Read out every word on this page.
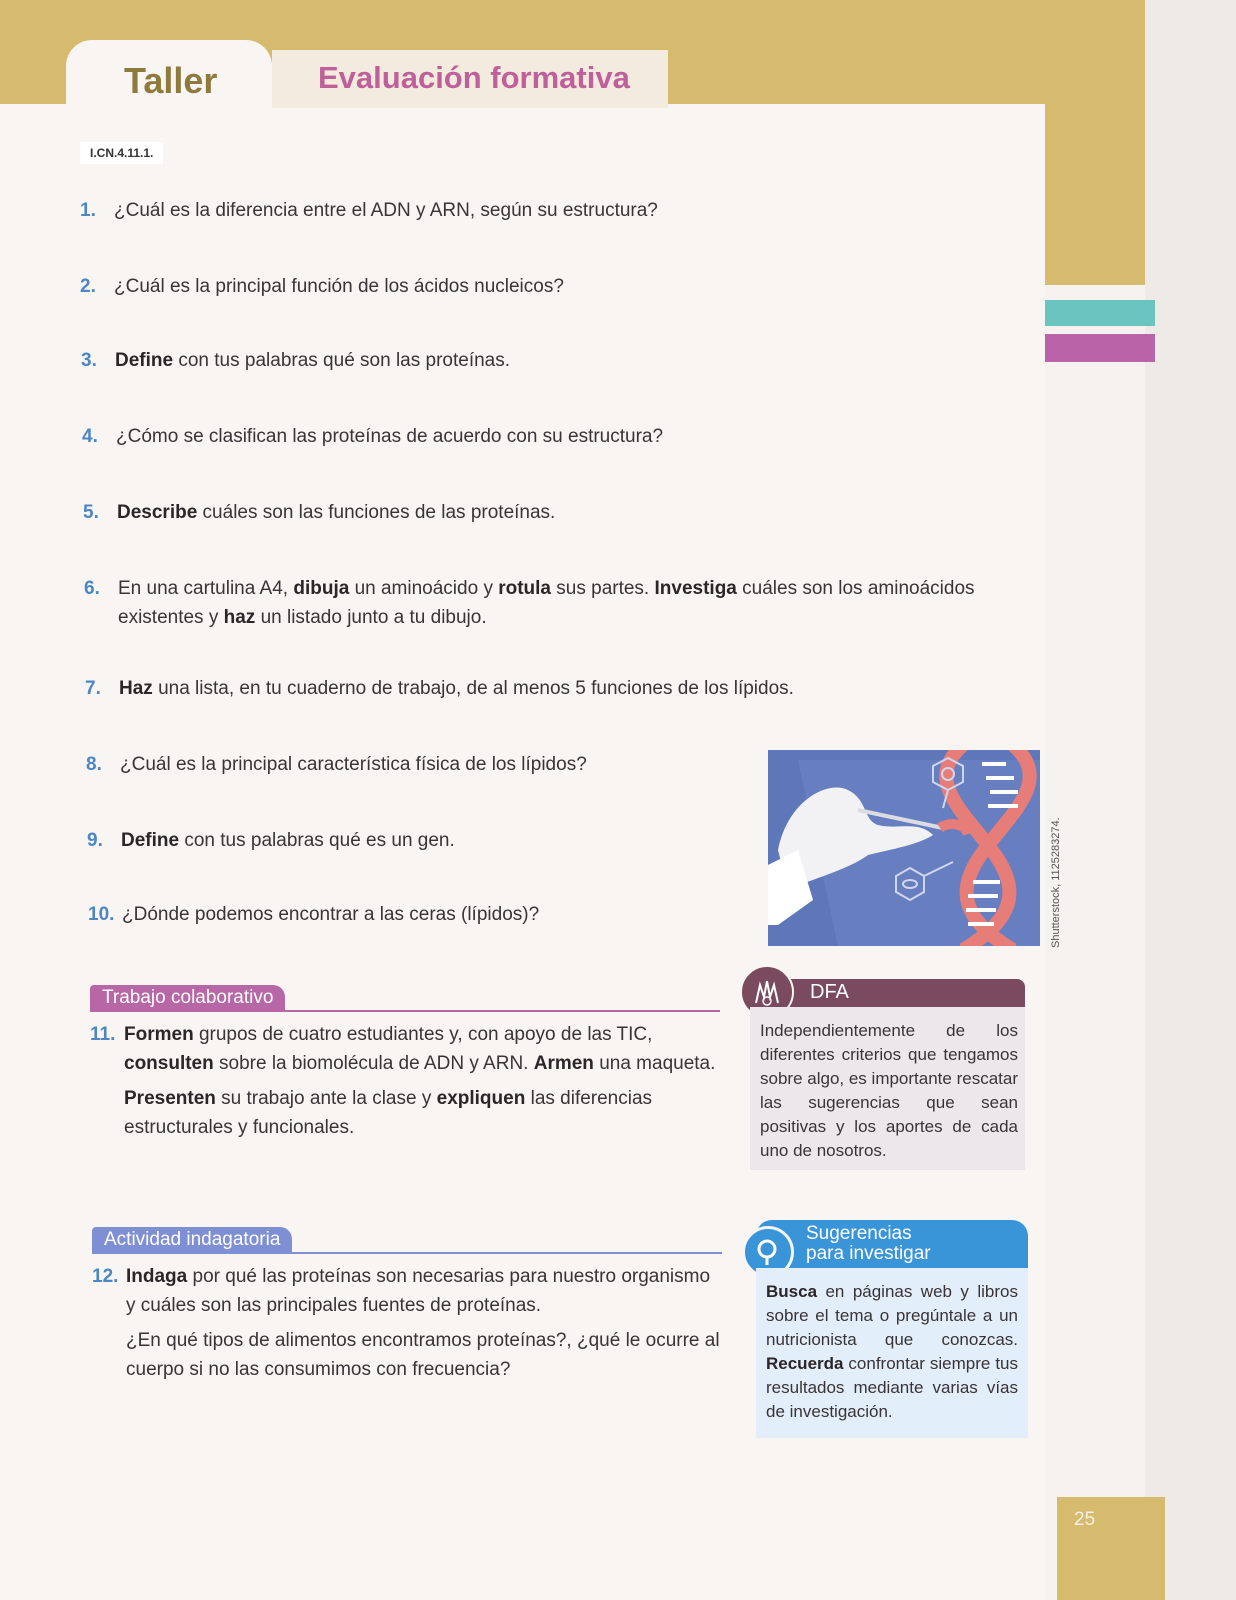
Taller	Evaluación formativa
I.CN.4.11.1.
1. ¿Cuál es la diferencia entre el ADN y ARN, según su estructura?
2. ¿Cuál es la principal función de los ácidos nucleicos?
3. Define con tus palabras qué son las proteínas.
4. ¿Cómo se clasifican las proteínas de acuerdo con su estructura?
5. Describe cuáles son las funciones de las proteínas.
6. En una cartulina A4, dibuja un aminoácido y rotula sus partes. Investiga cuáles son los aminoácidos existentes y haz un listado junto a tu dibujo.
7. Haz una lista, en tu cuaderno de trabajo, de al menos 5 funciones de los lípidos.
8. ¿Cuál es la principal característica física de los lípidos?
9. Define con tus palabras qué es un gen.
10. ¿Dónde podemos encontrar a las ceras (lípidos)?	Shutterstock, 1125283274.
Trabajo colaborativo
11. Formen grupos de cuatro estudiantes y, con apoyo de las TIC, consulten sobre la biomolécula de ADN y ARN. Armen una maqueta.

Presenten su trabajo ante la clase y expliquen las diferencias estructurales y funcionales.

Actividad indagatoria
12. Indaga por qué las proteínas son necesarias para nuestro organismo y cuáles son las principales fuentes de proteínas.

¿En qué tipos de alimentos encontramos proteínas?, ¿qué le ocurre al cuerpo si no las consumimos con frecuencia?

DFA
Independientemente de los diferentes criterios que tengamos sobre algo, es importante rescatar las sugerencias que sean positivas y los aportes de cada uno de nosotros.
Sugerencias
para investigar
Busca en páginas web y libros sobre el tema o pregúntale a un nutricionista que conozcas. Recuerda confrontar siempre tus resultados mediante varias vías de investigación.
25
